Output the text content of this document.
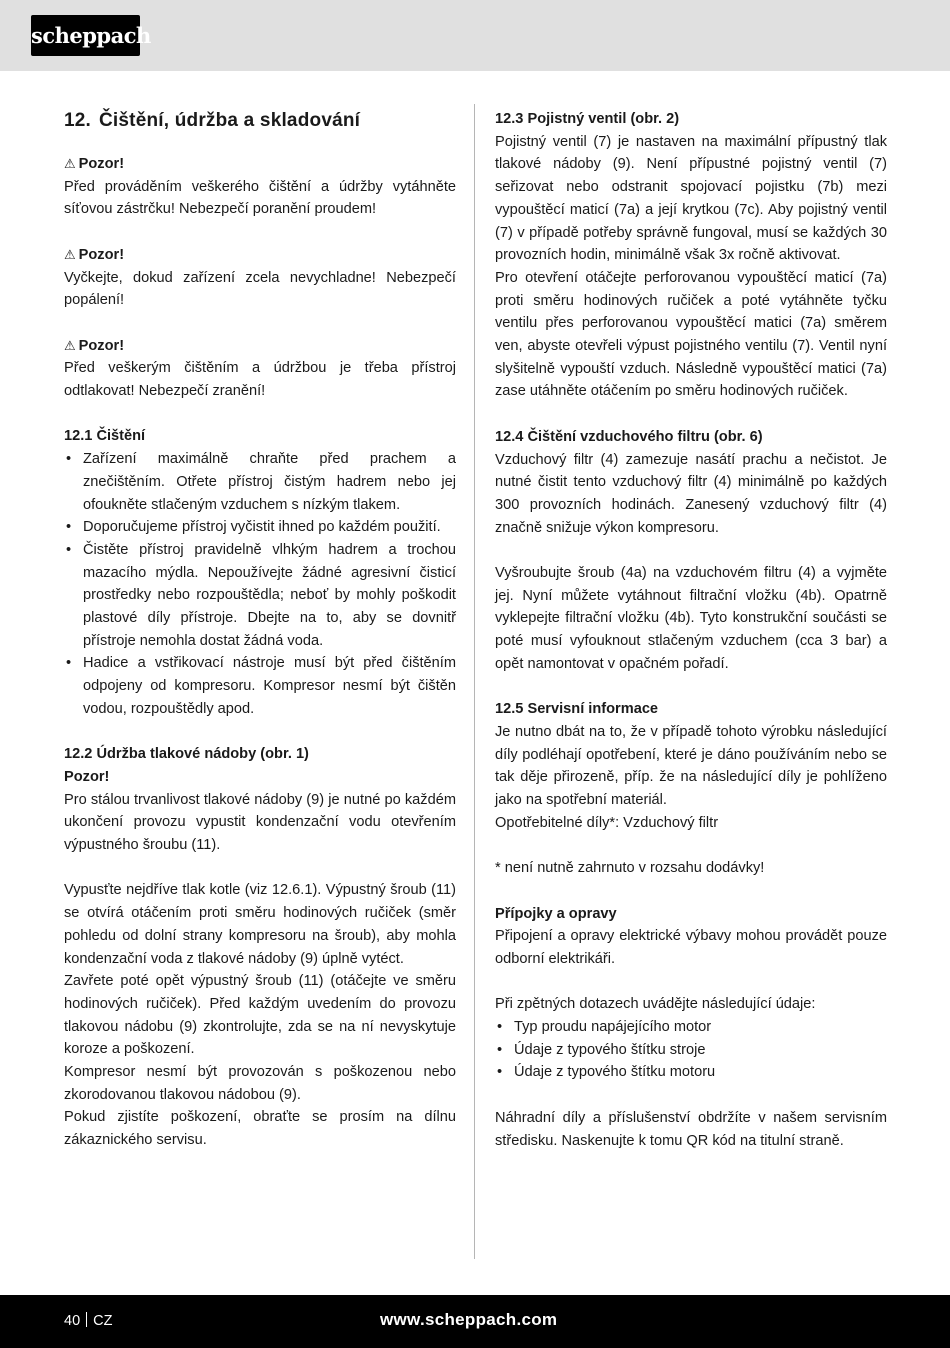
scheppach
12. Čištění, údržba a skladování

⚠ Pozor!

Před prováděním veškerého čištění a údržby vytáhněte síťovou zástrčku! Nebezpečí poranění proudem!

⚠ Pozor!

Vyčkejte, dokud zařízení zcela nevychladne! Nebezpečí popálení!

⚠ Pozor!

Před veškerým čištěním a údržbou je třeba přístroj odtlakovat! Nebezpečí zranění!

12.1 Čištění

• Zařízení maximálně chraňte před prachem a znečištěním. Otřete přístroj čistým hadrem nebo jej ofoukněte stlačeným vzduchem s nízkým tlakem.
• Doporučujeme přístroj vyčistit ihned po každém použití.
• Čistěte přístroj pravidelně vlhkým hadrem a trochou mazacího mýdla. Nepoužívejte žádné agresivní čisticí prostředky nebo rozpouštědla; neboť by mohly poškodit plastové díly přístroje. Dbejte na to, aby se dovnitř přístroje nemohla dostat žádná voda.
• Hadice a vstřikovací nástroje musí být před čištěním odpojeny od kompresoru. Kompresor nesmí být čištěn vodou, rozpouštědly apod.

12.2 Údržba tlakové nádoby (obr. 1)

Pozor!

Pro stálou trvanlivost tlakové nádoby (9) je nutné po každém ukončení provozu vypustit kondenzační vodu otevřením výpustného šroubu (11).

Vypusťte nejdříve tlak kotle (viz 12.6.1). Výpustný šroub (11) se otvírá otáčením proti směru hodinových ručiček (směr pohledu od dolní strany kompresoru na šroub), aby mohla kondenzační voda z tlakové nádoby (9) úplně vytéct.

Zavřete poté opět výpustný šroub (11) (otáčejte ve směru hodinových ručiček). Před každým uvedením do provozu tlakovou nádobu (9) zkontrolujte, zda se na ní nevyskytuje koroze a poškození.

Kompresor nesmí být provozován s poškozenou nebo zkorodovanou tlakovou nádobou (9).

Pokud zjistíte poškození, obraťte se prosím na dílnu zákaznického servisu.

12.3 Pojistný ventil (obr. 2)

Pojistný ventil (7) je nastaven na maximální přípustný tlak tlakové nádoby (9). Není přípustné pojistný ventil (7) seřizovat nebo odstranit spojovací pojistku (7b) mezi vypouštěcí maticí (7a) a její krytkou (7c). Aby pojistný ventil (7) v případě potřeby správně fungoval, musí se každých 30 provozních hodin, minimálně však 3x ročně aktivovat.

Pro otevření otáčejte perforovanou vypouštěcí maticí (7a) proti směru hodinových ručiček a poté vytáhněte tyčku ventilu přes perforovanou vypouštěcí matici (7a) směrem ven, abyste otevřeli výpust pojistného ventilu (7). Ventil nyní slyšitelně vypouští vzduch. Následně vypouštěcí matici (7a) zase utáhněte otáčením po směru hodinových ručiček.

12.4 Čištění vzduchového filtru (obr. 6)

Vzduchový filtr (4) zamezuje nasátí prachu a nečistot. Je nutné čistit tento vzduchový filtr (4) minimálně po každých 300 provozních hodinách. Zanesený vzduchový filtr (4) značně snižuje výkon kompresoru.

Vyšroubujte šroub (4a) na vzduchovém filtru (4) a vyjměte jej. Nyní můžete vytáhnout filtrační vložku (4b). Opatrně vyklepejte filtrační vložku (4b). Tyto konstrukční součásti se poté musí vyfouknout stlačeným vzduchem (cca 3 bar) a opět namontovat v opačném pořadí.

12.5 Servisní informace

Je nutno dbát na to, že v případě tohoto výrobku následující díly podléhají opotřebení, které je dáno používáním nebo se tak děje přirozeně, příp. že na následující díly je pohlíženo jako na spotřební materiál.

Opotřebitelné díly*: Vzduchový filtr

* není nutně zahrnuto v rozsahu dodávky!

Přípojky a opravy

Připojení a opravy elektrické výbavy mohou provádět pouze odborní elektrikáři.

Při zpětných dotazech uvádějte následující údaje:

• Typ proudu napájejícího motor
• Údaje z typového štítku stroje
• Údaje z typového štítku motoru

Náhradní díly a příslušenství obdržíte v našem servisním středisku. Naskenujte k tomu QR kód na titulní straně.

40 CZ	www.scheppach.com
